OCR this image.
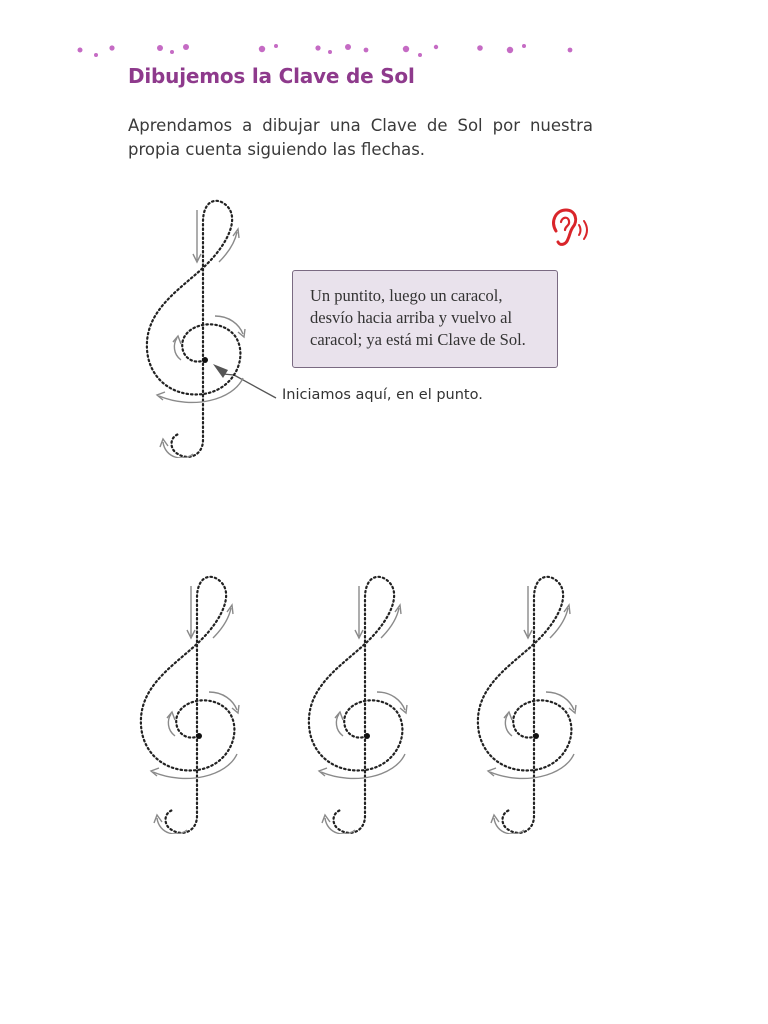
Dibujemos la Clave de Sol
Aprendamos a dibujar una Clave de Sol por nuestra propia cuenta siguiendo las flechas.
Un puntito, luego un caracol, desvío hacia arriba y vuelvo al caracol; ya está mi Clave de Sol.
Iniciamos aquí, en el punto.
